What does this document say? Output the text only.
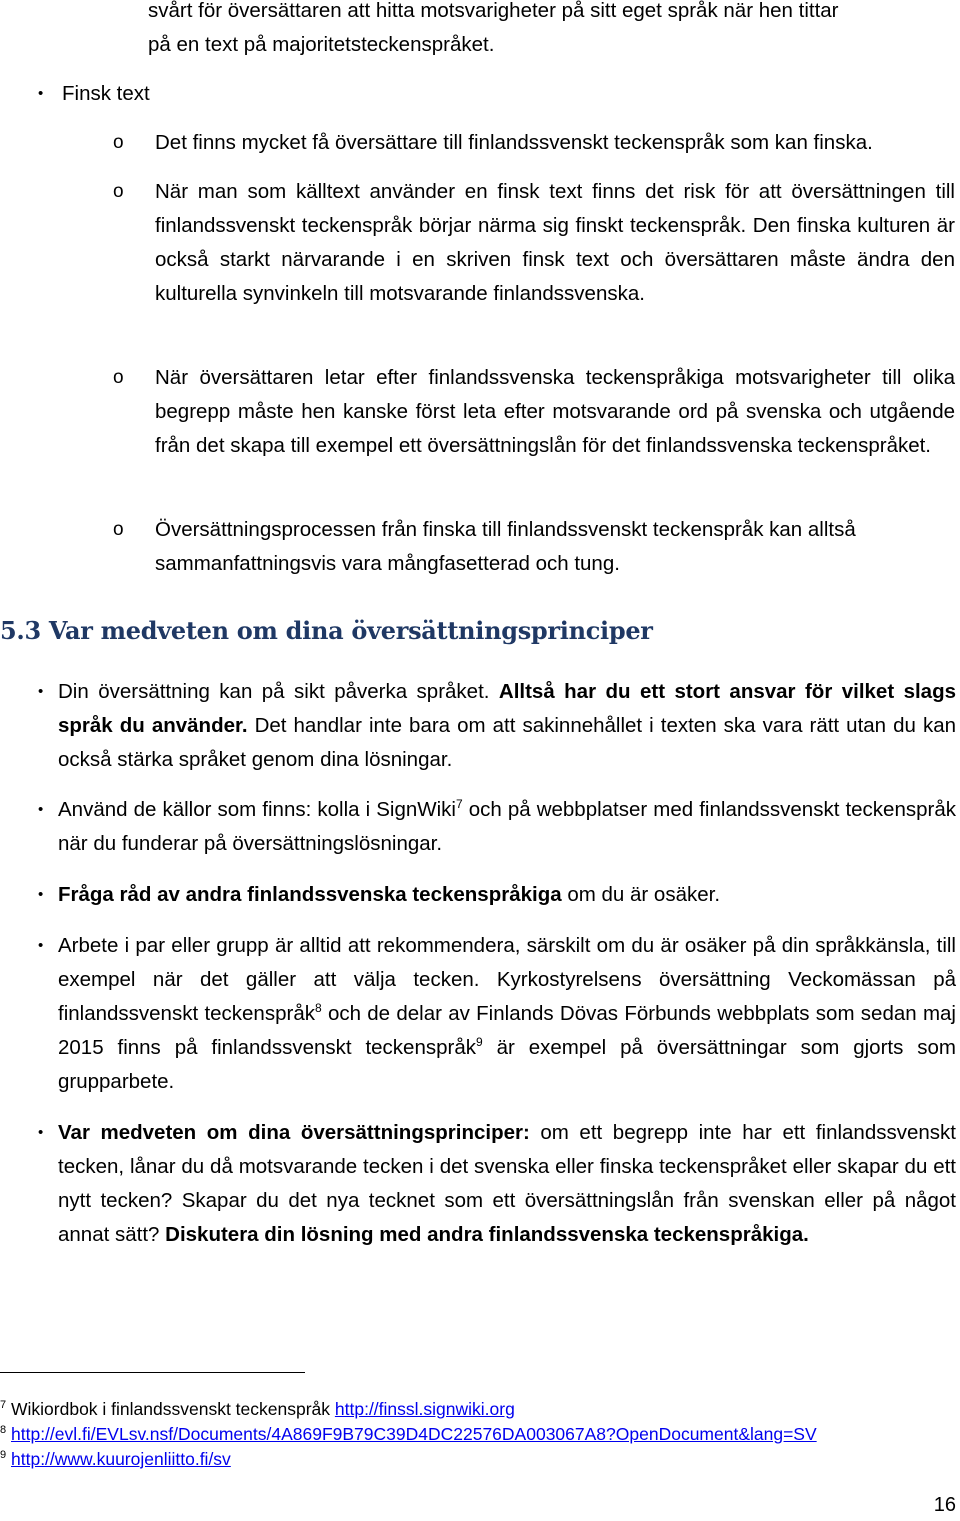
svårt för översättaren att hitta motsvarigheter på sitt eget språk när hen tittar

på en text på majoritetsteckenspråket.

• Finsk text
o Det finns mycket få översättare till finlandssvenskt teckenspråk som kan finska.

o När man som källtext använder en finsk text finns det risk för att översättningen till finlandssvenskt teckenspråk börjar närma sig finskt teckenspråk. Den finska kulturen är också starkt närvarande i en skriven finsk text och översättaren måste ändra den kulturella synvinkeln till motsvarande finlandssvenska.

o När översättaren letar efter finlandssvenska teckenspråkiga motsvarigheter till olika begrepp måste hen kanske först leta efter motsvarande ord på svenska och utgående från det skapa till exempel ett översättningslån för det finlandssvenska teckenspråket.

o Översättningsprocessen från finska till finlandssvenskt teckenspråk kan alltså sammanfattningsvis vara mångfasetterad och tung.

5.3 Var medveten om dina översättningsprinciper
• Din översättning kan på sikt påverka språket. Alltså har du ett stort ansvar för vilket slags språk du använder. Det handlar inte bara om att sakinnehållet i texten ska vara rätt utan du kan också stärka språket genom dina lösningar.

• Använd de källor som finns: kolla i SignWiki$^7$ och på webbplatser med finlandssvenskt teckenspråk när du funderar på översättningslösningar.

• Fråga råd av andra finlandssvenska teckenspråkiga om du är osäker.

• Arbete i par eller grupp är alltid att rekommendera, särskilt om du är osäker på din språkkänsla, till exempel när det gäller att välja tecken. Kyrkostyrelsens översättning Veckomässan på finlandssvenskt teckenspråk$^8$ och de delar av Finlands Dövas Förbunds webbplats som sedan maj 2015 finns på finlandssvenskt teckenspråk$^9$ är exempel på översättningar som gjorts som grupparbete.

• Var medveten om dina översättningsprinciper: om ett begrepp inte har ett finlandssvenskt tecken, lånar du då motsvarande tecken i det svenska eller finska teckenspråket eller skapar du ett nytt tecken? Skapar du det nya tecknet som ett översättningslån från svenskan eller på något annat sätt? Diskutera din lösning med andra finlandssvenska teckenspråkiga.

$^7$ Wikiordbok i finlandssvenskt teckenspråk http://finssl.signwiki.org
$^8$ http://evl.fi/EVLsv.nsf/Documents/4A869F9B79C39D4DC22576DA003067A8?OpenDocument&lang=SV
$^9$ http://www.kuurojenliitto.fi/sv
16
